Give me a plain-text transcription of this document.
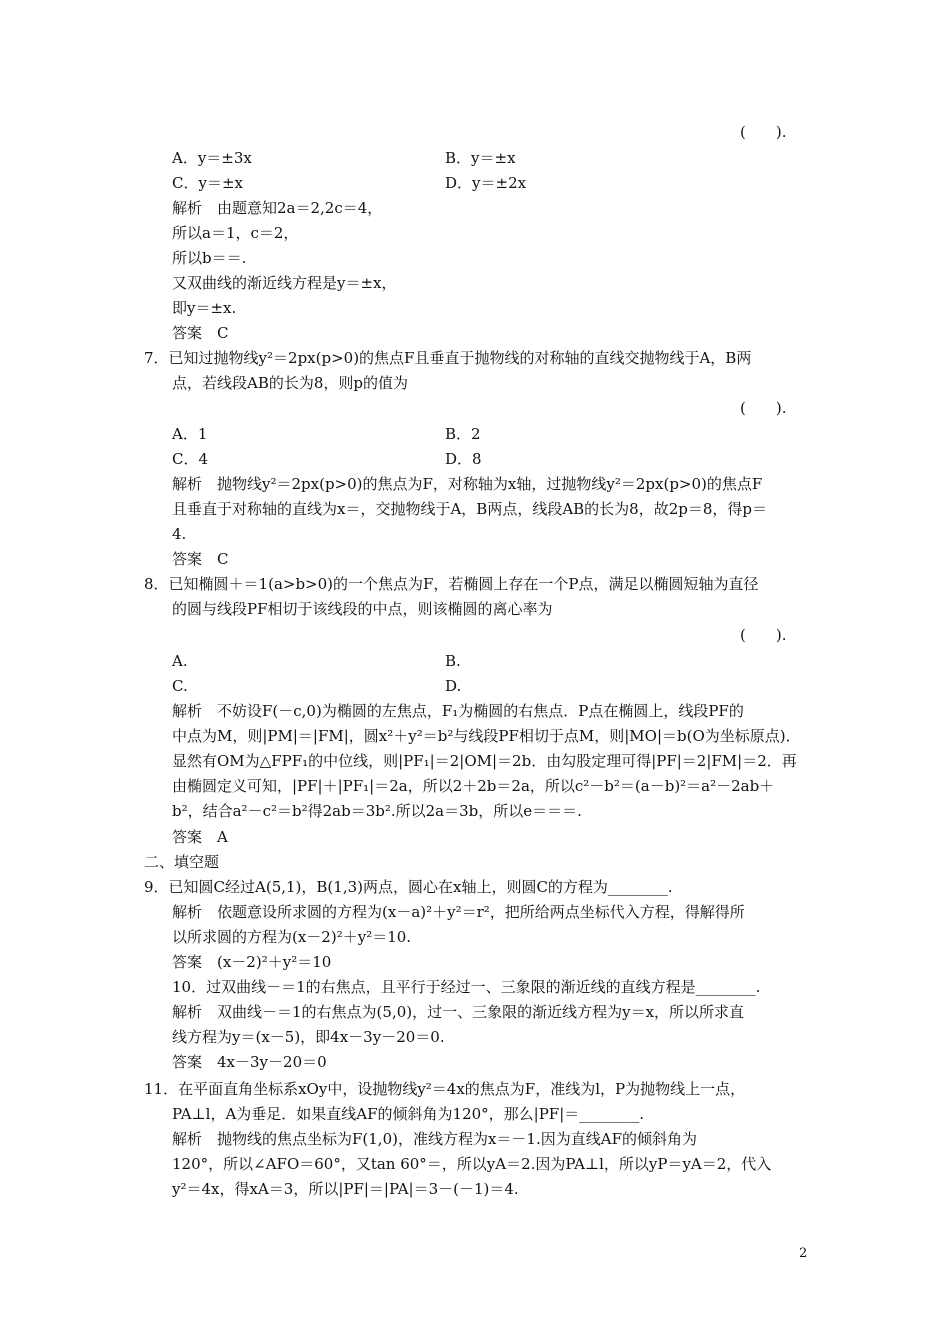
(　　).
A．y＝±3x	B．y＝±x
C．y＝±x	D．y＝±2x
解析　由题意知2a＝2,2c＝4，
所以a＝1，c＝2，
所以b＝＝.
又双曲线的渐近线方程是y＝±x，
即y＝±x.
答案　C
7．已知过抛物线y²＝2px(p>0)的焦点F且垂直于抛物线的对称轴的直线交抛物线于A，B两
点，若线段AB的长为8，则p的值为
(　　).
A．1	B．2
C．4	D．8
解析　抛物线y²＝2px(p>0)的焦点为F，对称轴为x轴，过抛物线y²＝2px(p>0)的焦点F
且垂直于对称轴的直线为x＝，交抛物线于A，B两点，线段AB的长为8，故2p＝8，得p＝
4.
答案　C
8．已知椭圆＋＝1(a>b>0)的一个焦点为F，若椭圆上存在一个P点，满足以椭圆短轴为直径
的圆与线段PF相切于该线段的中点，则该椭圆的离心率为
(　　).
A.	B.
C.	D.
解析　不妨设F(－c,0)为椭圆的左焦点，F₁为椭圆的右焦点．P点在椭圆上，线段PF的
中点为M，则|PM|＝|FM|，圆x²＋y²＝b²与线段PF相切于点M，则|MO|＝b(O为坐标原点)．
显然有OM为△FPF₁的中位线，则|PF₁|＝2|OM|＝2b．由勾股定理可得|PF|＝2|FM|＝2．再
由椭圆定义可知，|PF|＋|PF₁|＝2a，所以2＋2b＝2a，所以c²－b²＝(a－b)²＝a²－2ab＋
b²，结合a²－c²＝b²得2ab＝3b².所以2a＝3b，所以e＝＝＝.
答案　A
二、填空题
9．已知圆C经过A(5,1)，B(1,3)两点，圆心在x轴上，则圆C的方程为________.
解析　依题意设所求圆的方程为(x－a)²＋y²＝r²，把所给两点坐标代入方程，得解得所
以所求圆的方程为(x－2)²＋y²＝10.
答案　(x－2)²＋y²＝10
10．过双曲线－＝1的右焦点，且平行于经过一、三象限的渐近线的直线方程是________.
解析　双曲线－＝1的右焦点为(5,0)，过一、三象限的渐近线方程为y＝x，所以所求直
线方程为y＝(x－5)，即4x－3y－20＝0.
答案　4x－3y－20＝0
11．在平面直角坐标系xOy中，设抛物线y²＝4x的焦点为F，准线为l，P为抛物线上一点，
PA⊥l，A为垂足．如果直线AF的倾斜角为120°，那么|PF|＝________.
解析　抛物线的焦点坐标为F(1,0)，准线方程为x＝－1.因为直线AF的倾斜角为
120°，所以∠AFO＝60°，又tan 60°＝，所以yA＝2.因为PA⊥l，所以yP＝yA＝2，代入
y²＝4x，得xA＝3，所以|PF|＝|PA|＝3－(－1)＝4.
2
